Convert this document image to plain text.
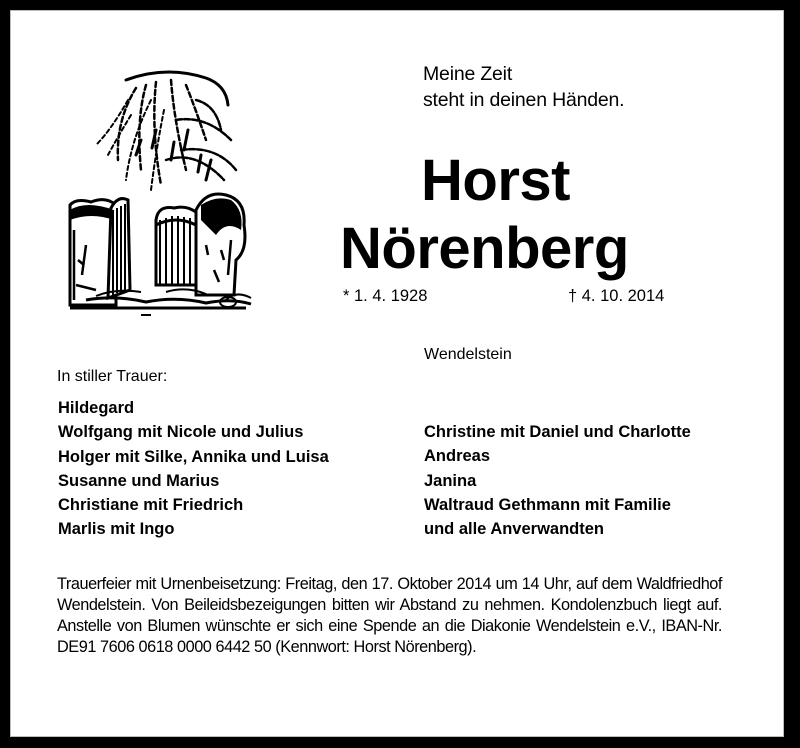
Meine Zeit
steht in deinen Händen.
Horst
Nörenberg
* 1. 4. 1928	† 4. 10. 2014
Wendelstein
In stiller Trauer:
Hildegard
Wolfgang mit Nicole und Julius
Holger mit Silke, Annika und Luisa
Susanne und Marius
Christiane mit Friedrich
Marlis mit Ingo
Christine mit Daniel und Charlotte
Andreas
Janina
Waltraud Gethmann mit Familie
und alle Anverwandten
Trauerfeier mit Urnenbeisetzung: Freitag, den 17. Oktober 2014 um 14 Uhr, auf dem Waldfriedhof Wendelstein. Von Beileidsbezeigungen bitten wir Abstand zu nehmen. Kondolenzbuch liegt auf. Anstelle von Blumen wünschte er sich eine Spende an die Diakonie Wendelstein e.V., IBAN-Nr. DE91 7606 0618 0000 6442 50 (Kennwort: Horst Nörenberg).
